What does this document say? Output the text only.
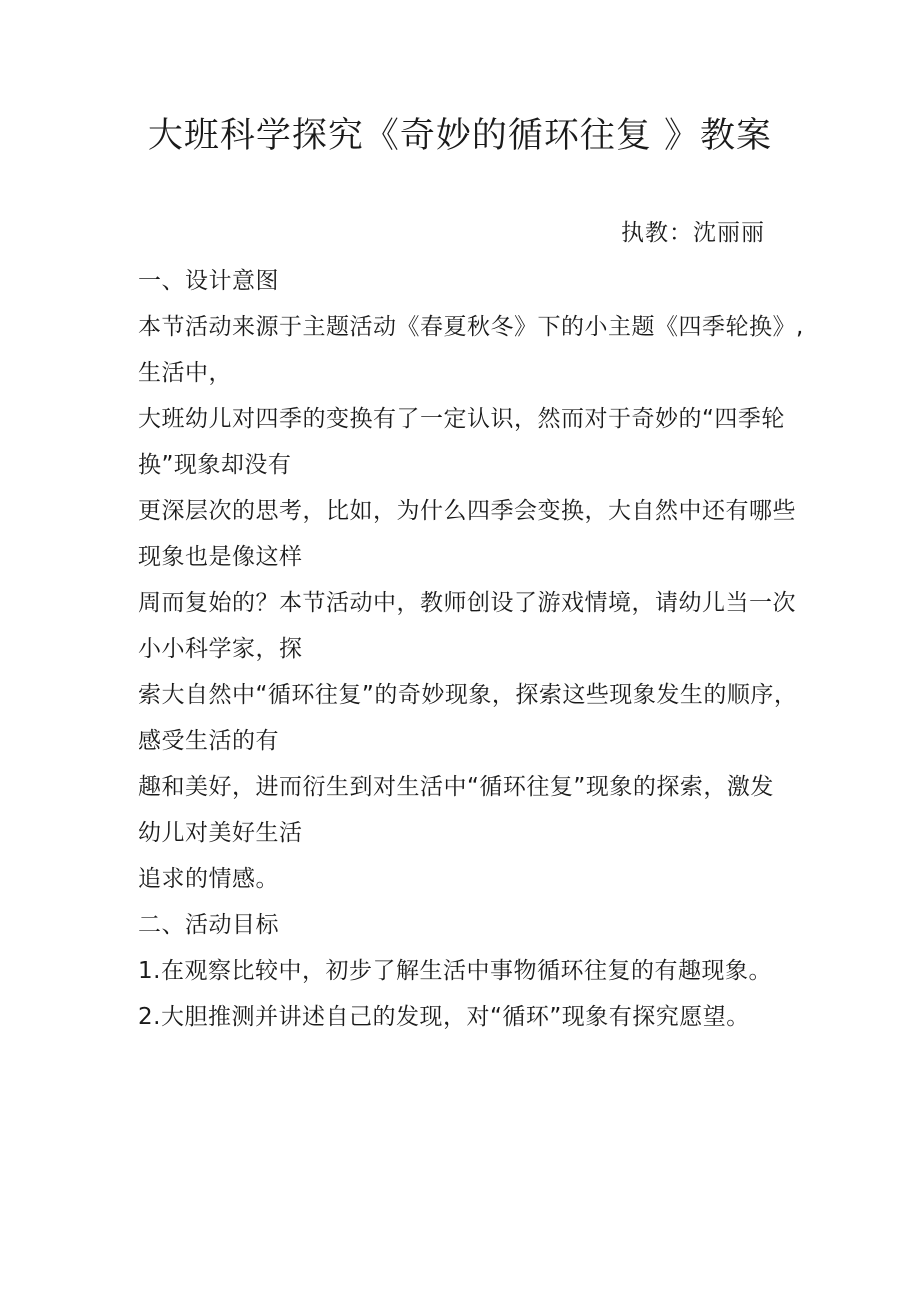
大班科学探究《奇妙的循环往复 》教案
执教：沈丽丽
一、设计意图
本节活动来源于主题活动《春夏秋冬》下的小主题《四季轮换》,
生活中，
大班幼儿对四季的变换有了一定认识，然而对于奇妙的“四季轮
换”现象却没有
更深层次的思考，比如，为什么四季会变换，大自然中还有哪些
现象也是像这样
周而复始的？本节活动中，教师创设了游戏情境，请幼儿当一次
小小科学家，探
索大自然中“循环往复”的奇妙现象，探索这些现象发生的顺序，
感受生活的有
趣和美好，进而衍生到对生活中“循环往复”现象的探索，激发
幼儿对美好生活
追求的情感。
二、活动目标
1.在观察比较中，初步了解生活中事物循环往复的有趣现象。
2.大胆推测并讲述自己的发现，对“循环”现象有探究愿望。
